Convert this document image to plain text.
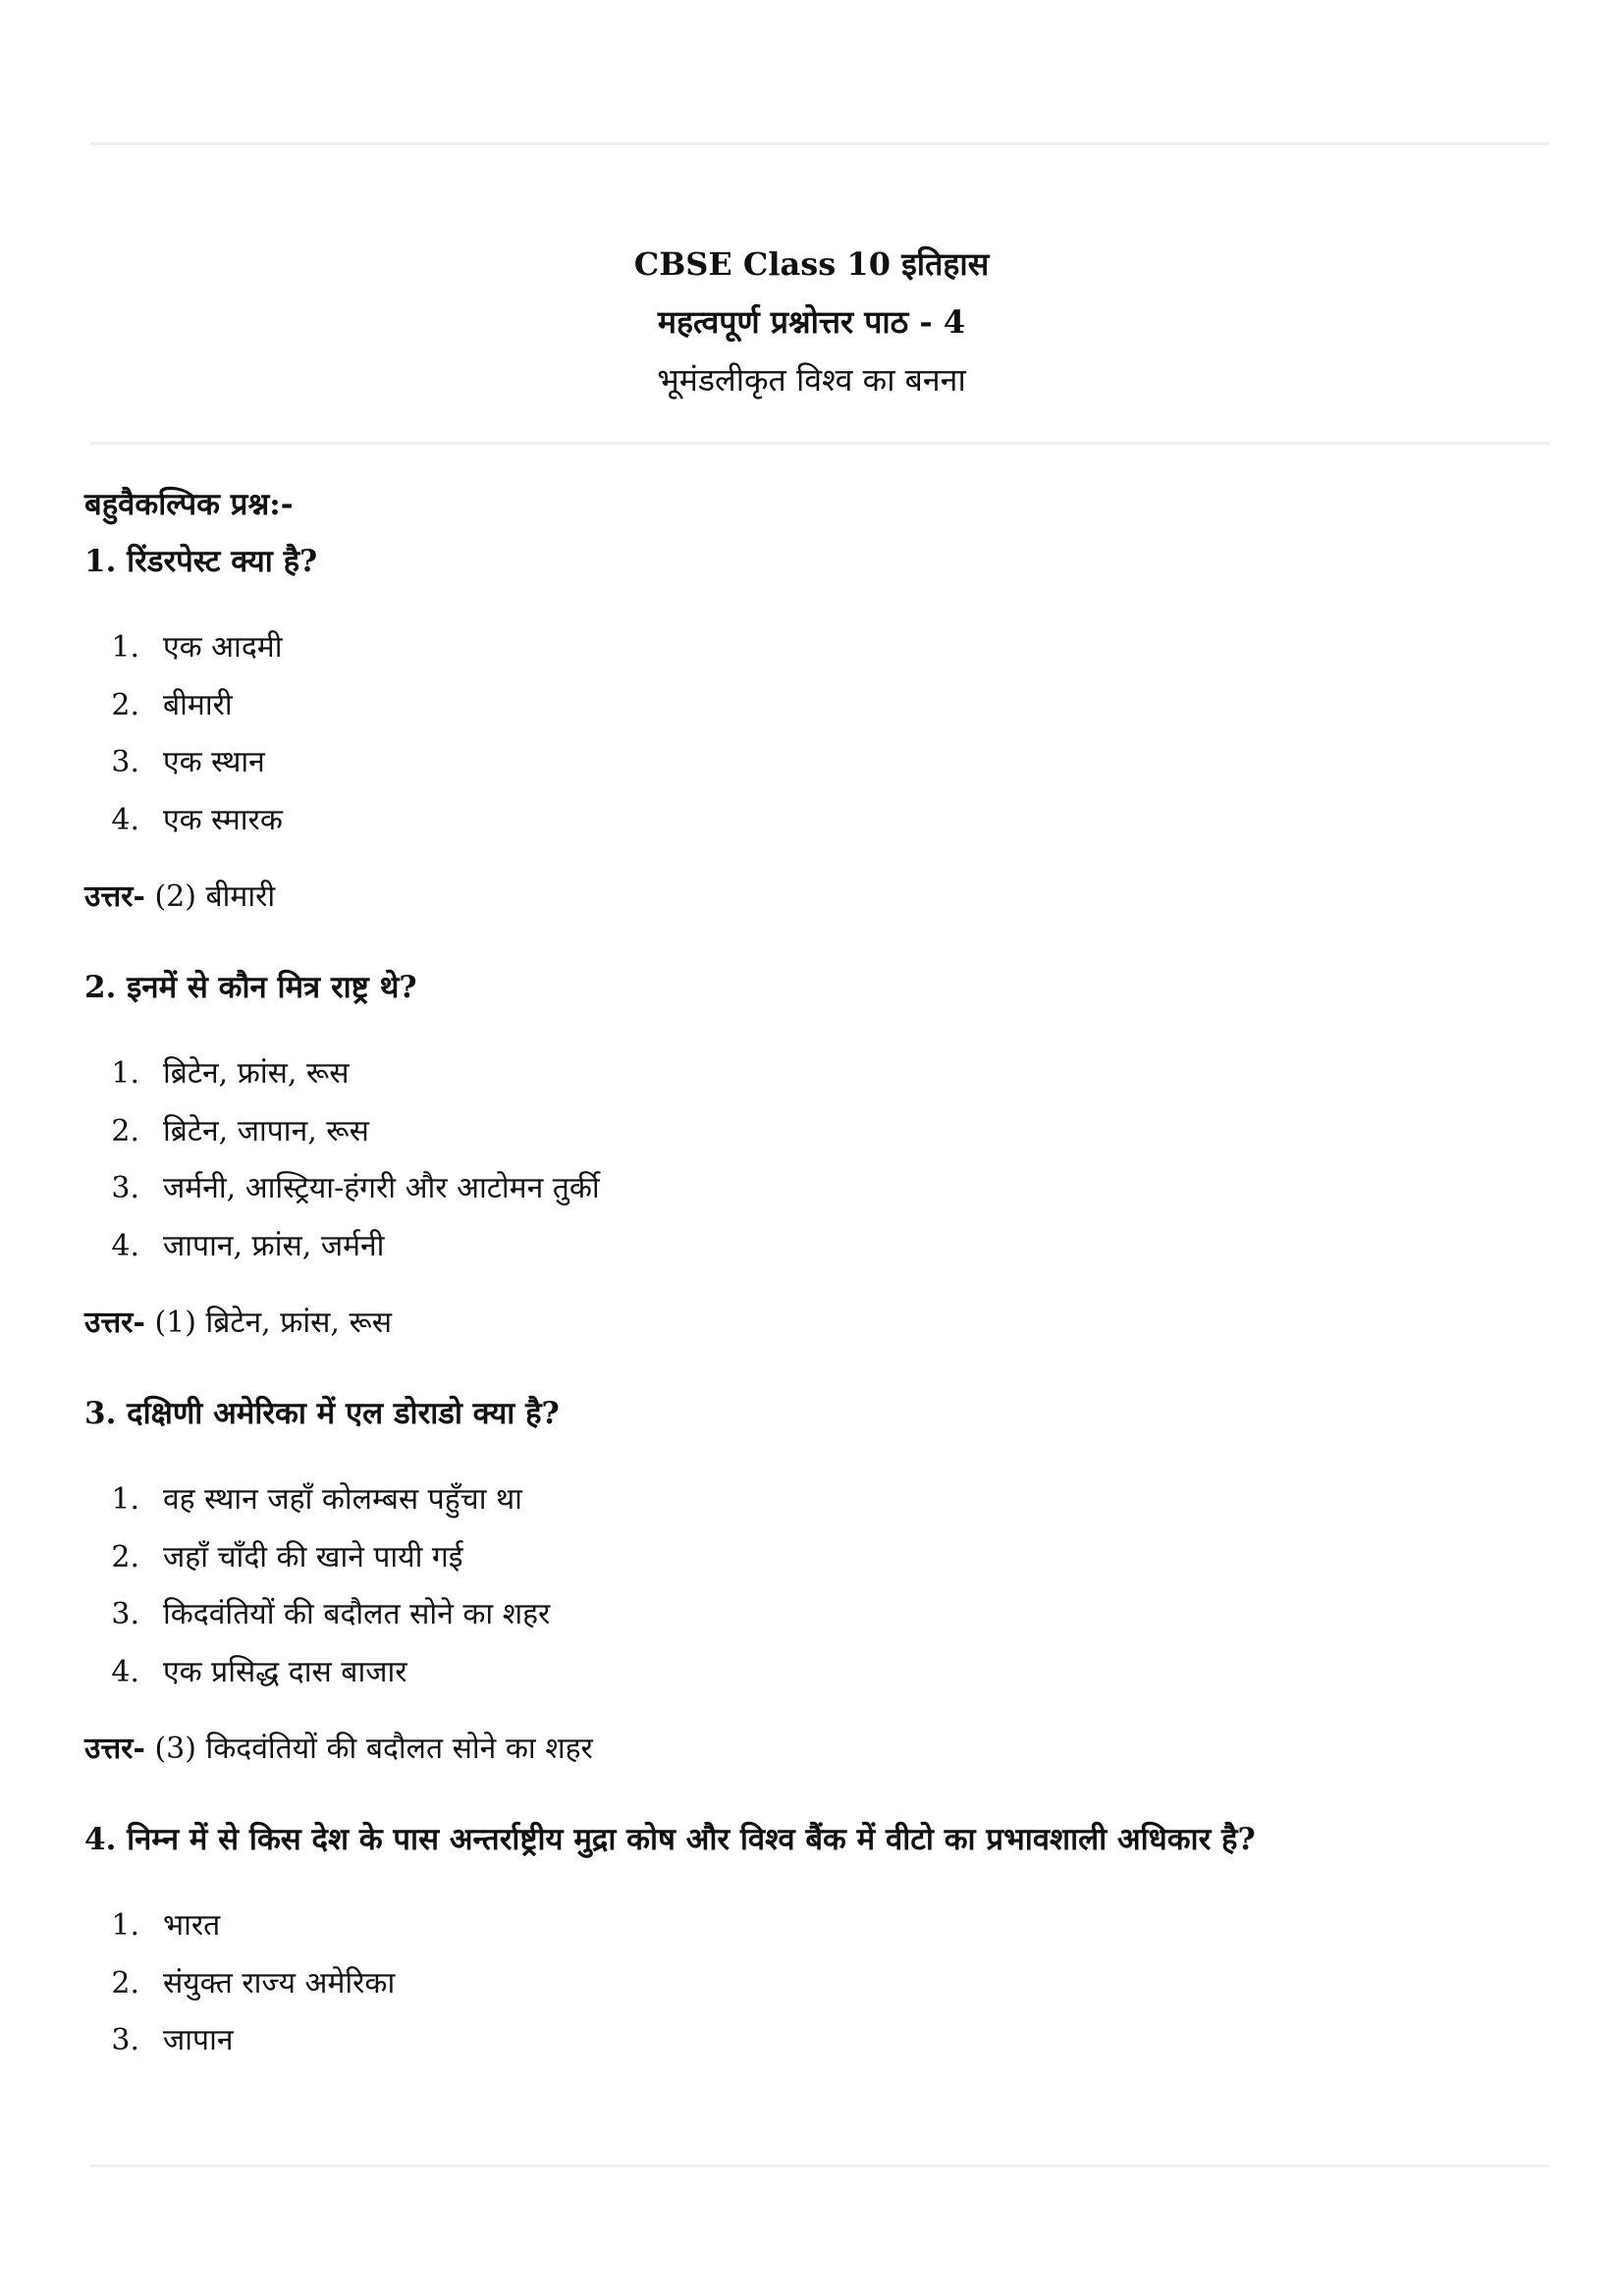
CBSE Class 10 इतिहास
महत्वपूर्ण प्रश्नोत्तर पाठ - 4
भूमंडलीकृत विश्व का बनना
बहुवैकल्पिक प्रश्न:-

1. रिंडरपेस्ट क्या है?

1. एक आदमी
2. बीमारी
3. एक स्थान
4. एक स्मारक

उत्तर- (2) बीमारी

2. इनमें से कौन मित्र राष्ट्र थे?

1. ब्रिटेन, फ्रांस, रूस
2. ब्रिटेन, जापान, रूस
3. जर्मनी, आस्ट्रिया-हंगरी और आटोमन तुर्की
4. जापान, फ्रांस, जर्मनी

उत्तर- (1) ब्रिटेन, फ्रांस, रूस

3. दक्षिणी अमेरिका में एल डोराडो क्या है?

1. वह स्थान जहाँ कोलम्बस पहुँचा था
2. जहाँ चाँदी की खाने पायी गई
3. किदवंतियों की बदौलत सोने का शहर
4. एक प्रसिद्ध दास बाजार

उत्तर- (3) किदवंतियों की बदौलत सोने का शहर

4. निम्न में से किस देश के पास अन्तर्राष्ट्रीय मुद्रा कोष और विश्व बैंक में वीटो का प्रभावशाली अधिकार है?

1. भारत
2. संयुक्त राज्य अमेरिका
3. जापान
